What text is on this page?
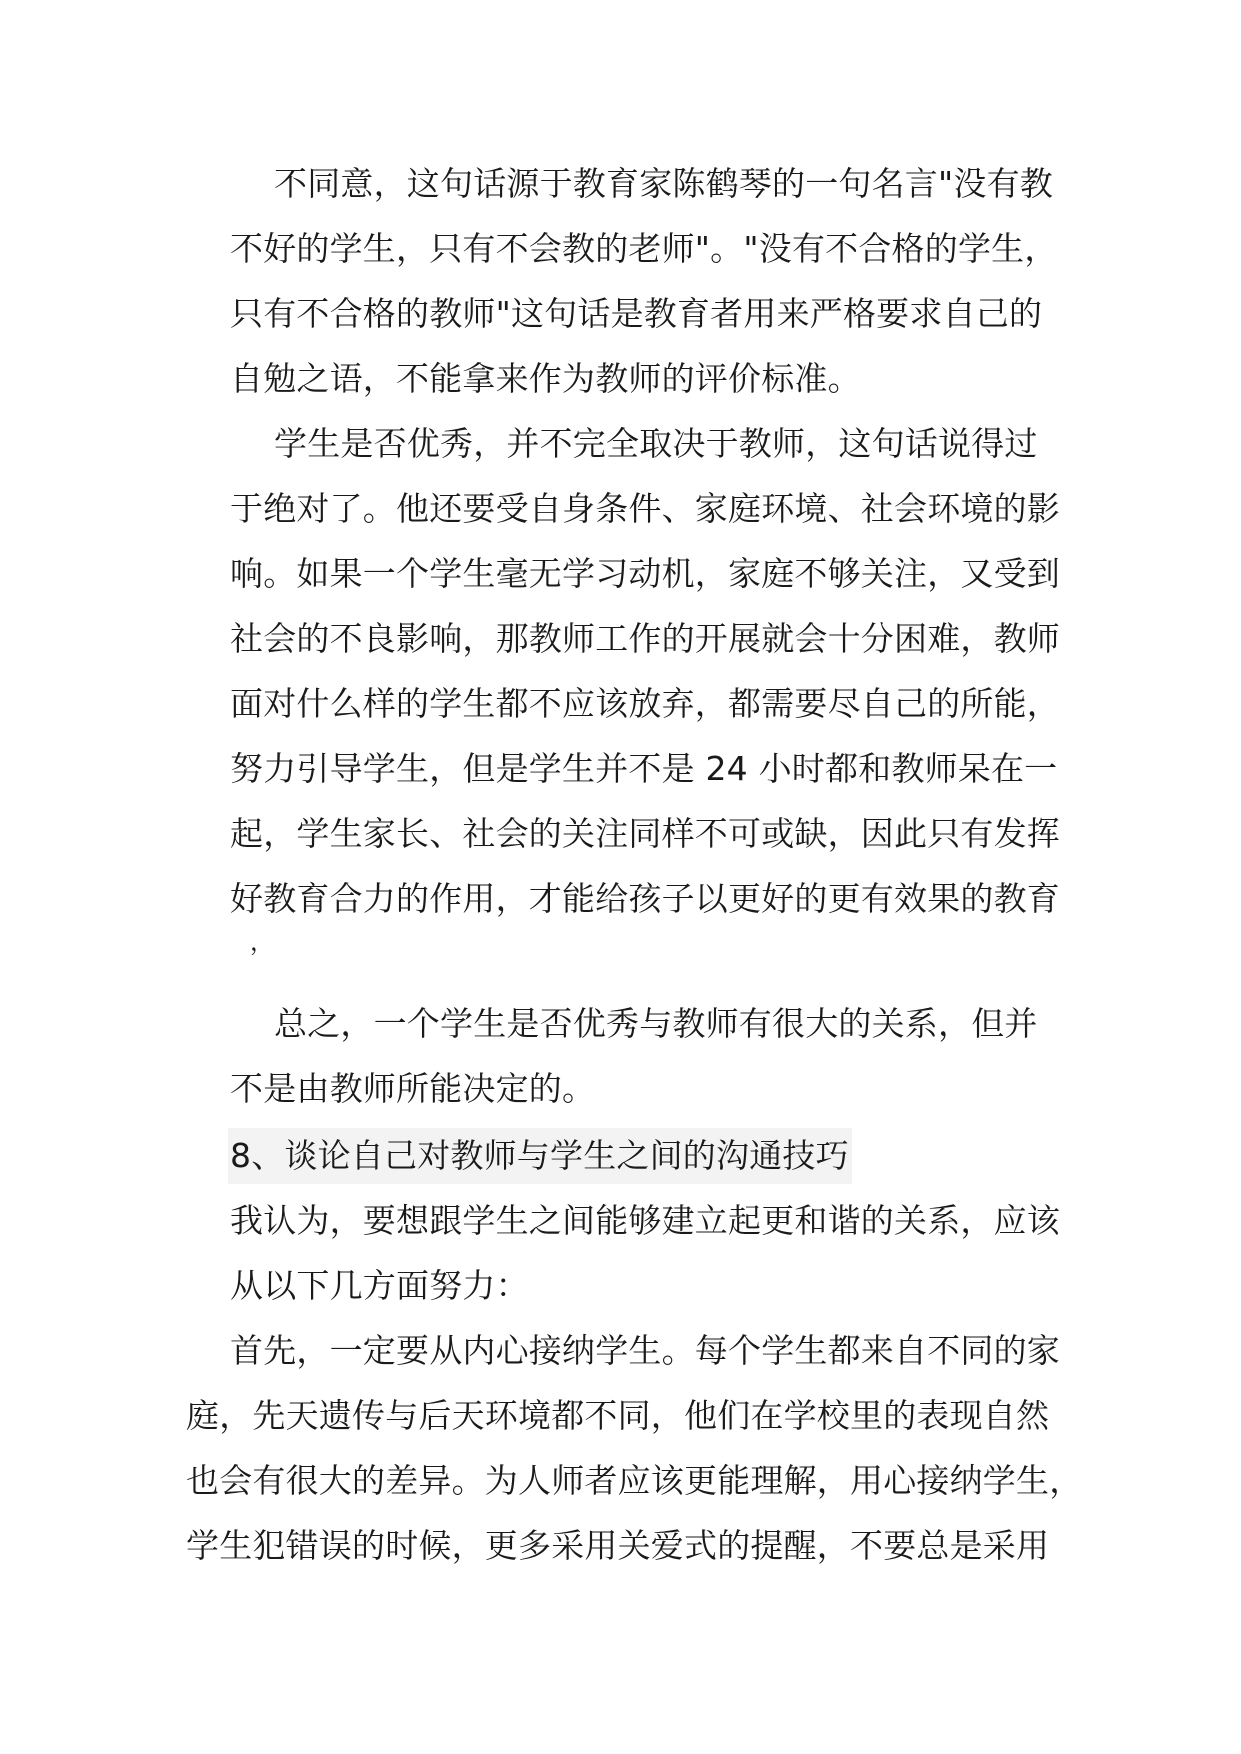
不同意，这句话源于教育家陈鹤琴的一句名言"没有教
不好的学生，只有不会教的老师"。"没有不合格的学生，
只有不合格的教师"这句话是教育者用来严格要求自己的
自勉之语，不能拿来作为教师的评价标准。
学生是否优秀，并不完全取决于教师，这句话说得过
于绝对了。他还要受自身条件、家庭环境、社会环境的影
响。如果一个学生毫无学习动机，家庭不够关注，又受到
社会的不良影响，那教师工作的开展就会十分困难，教师
面对什么样的学生都不应该放弃，都需要尽自己的所能，
努力引导学生，但是学生并不是 24 小时都和教师呆在一
起，学生家长、社会的关注同样不可或缺，因此只有发挥
好教育合力的作用，才能给孩子以更好的更有效果的教育
，
总之，一个学生是否优秀与教师有很大的关系，但并
不是由教师所能决定的。
8、谈论自己对教师与学生之间的沟通技巧
我认为，要想跟学生之间能够建立起更和谐的关系，应该
从以下几方面努力：
首先，一定要从内心接纳学生。每个学生都来自不同的家
庭，先天遗传与后天环境都不同，他们在学校里的表现自然
也会有很大的差异。为人师者应该更能理解，用心接纳学生，
学生犯错误的时候，更多采用关爱式的提醒，不要总是采用
